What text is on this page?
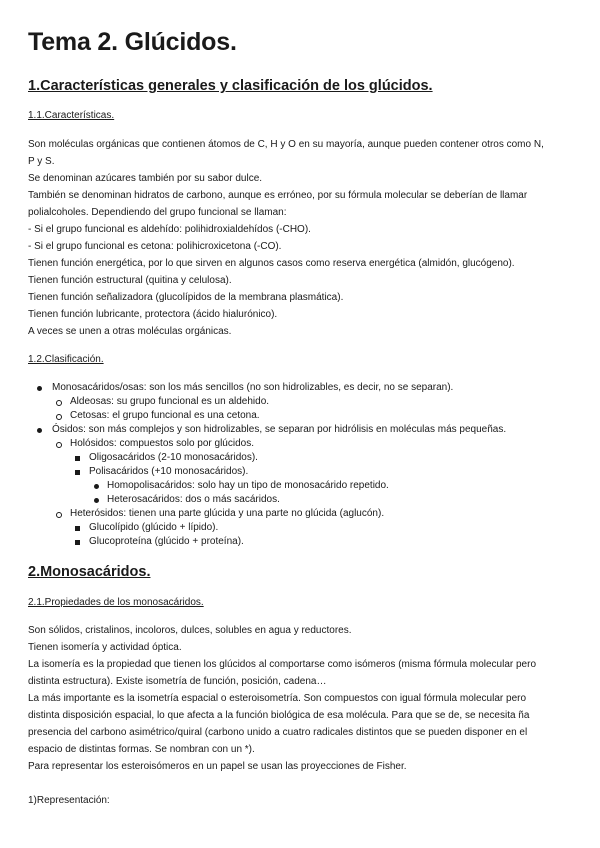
Tema 2. Glúcidos.
1.Características generales y clasificación de los glúcidos.
1.1.Características.
Son moléculas orgánicas que contienen átomos de C, H y O en su mayoría, aunque pueden contener otros como N,
P y S.
Se denominan azúcares también por su sabor dulce.
También se denominan hidratos de carbono, aunque es erróneo, por su fórmula molecular se deberían de llamar
polialcoholes. Dependiendo del grupo funcional se llaman:
- Si el grupo funcional es aldehído: polihidroxialdehídos (-CHO).
- Si el grupo funcional es cetona: polihicroxicetona (-CO).
Tienen función energética, por lo que sirven en algunos casos como reserva energética (almidón, glucógeno).
Tienen función estructural (quitina y celulosa).
Tienen función señalizadora (glucolípidos de la membrana plasmática).
Tienen función lubricante, protectora (ácido hialurónico).
A veces se unen a otras moléculas orgánicas.
1.2.Clasificación.
Monosacáridos/osas: son los más sencillos (no son hidrolizables, es decir, no se separan).
Aldeosas: su grupo funcional es un aldehido.
Cetosas: el grupo funcional es una cetona.
Ósidos: son más complejos y son hidrolizables, se separan por hidrólisis en moléculas más pequeñas.
Holósidos: compuestos solo por glúcidos.
Oligosacáridos (2-10 monosacáridos).
Polisacáridos (+10 monosacáridos).
Homopolisacáridos: solo hay un tipo de monosacárido repetido.
Heterosacáridos: dos o más sacáridos.
Heterósidos: tienen una parte glúcida y una parte no glúcida (aglucón).
Glucolípido (glúcido + lípido).
Glucoproteína (glúcido + proteína).
2.Monosacáridos.
2.1.Propiedades de los monosacáridos.
Son sólidos, cristalinos, incoloros, dulces, solubles en agua y reductores.
Tienen isomería y actividad óptica.
La isomería es la propiedad que tienen los glúcidos al comportarse como isómeros (misma fórmula molecular pero
distinta estructura). Existe isometría de función, posición, cadena…
La más importante es la isometría espacial o esteroisometría. Son compuestos con igual fórmula molecular pero
distinta disposición espacial, lo que afecta a la función biológica de esa molécula. Para que se de, se necesita ña
presencia del carbono asimétrico/quiral (carbono unido a cuatro radicales distintos que se pueden disponer en el
espacio de distintas formas. Se nombran con un *).
Para representar los esteroisómeros en un papel se usan las proyecciones de Fisher.
1)Representación:
